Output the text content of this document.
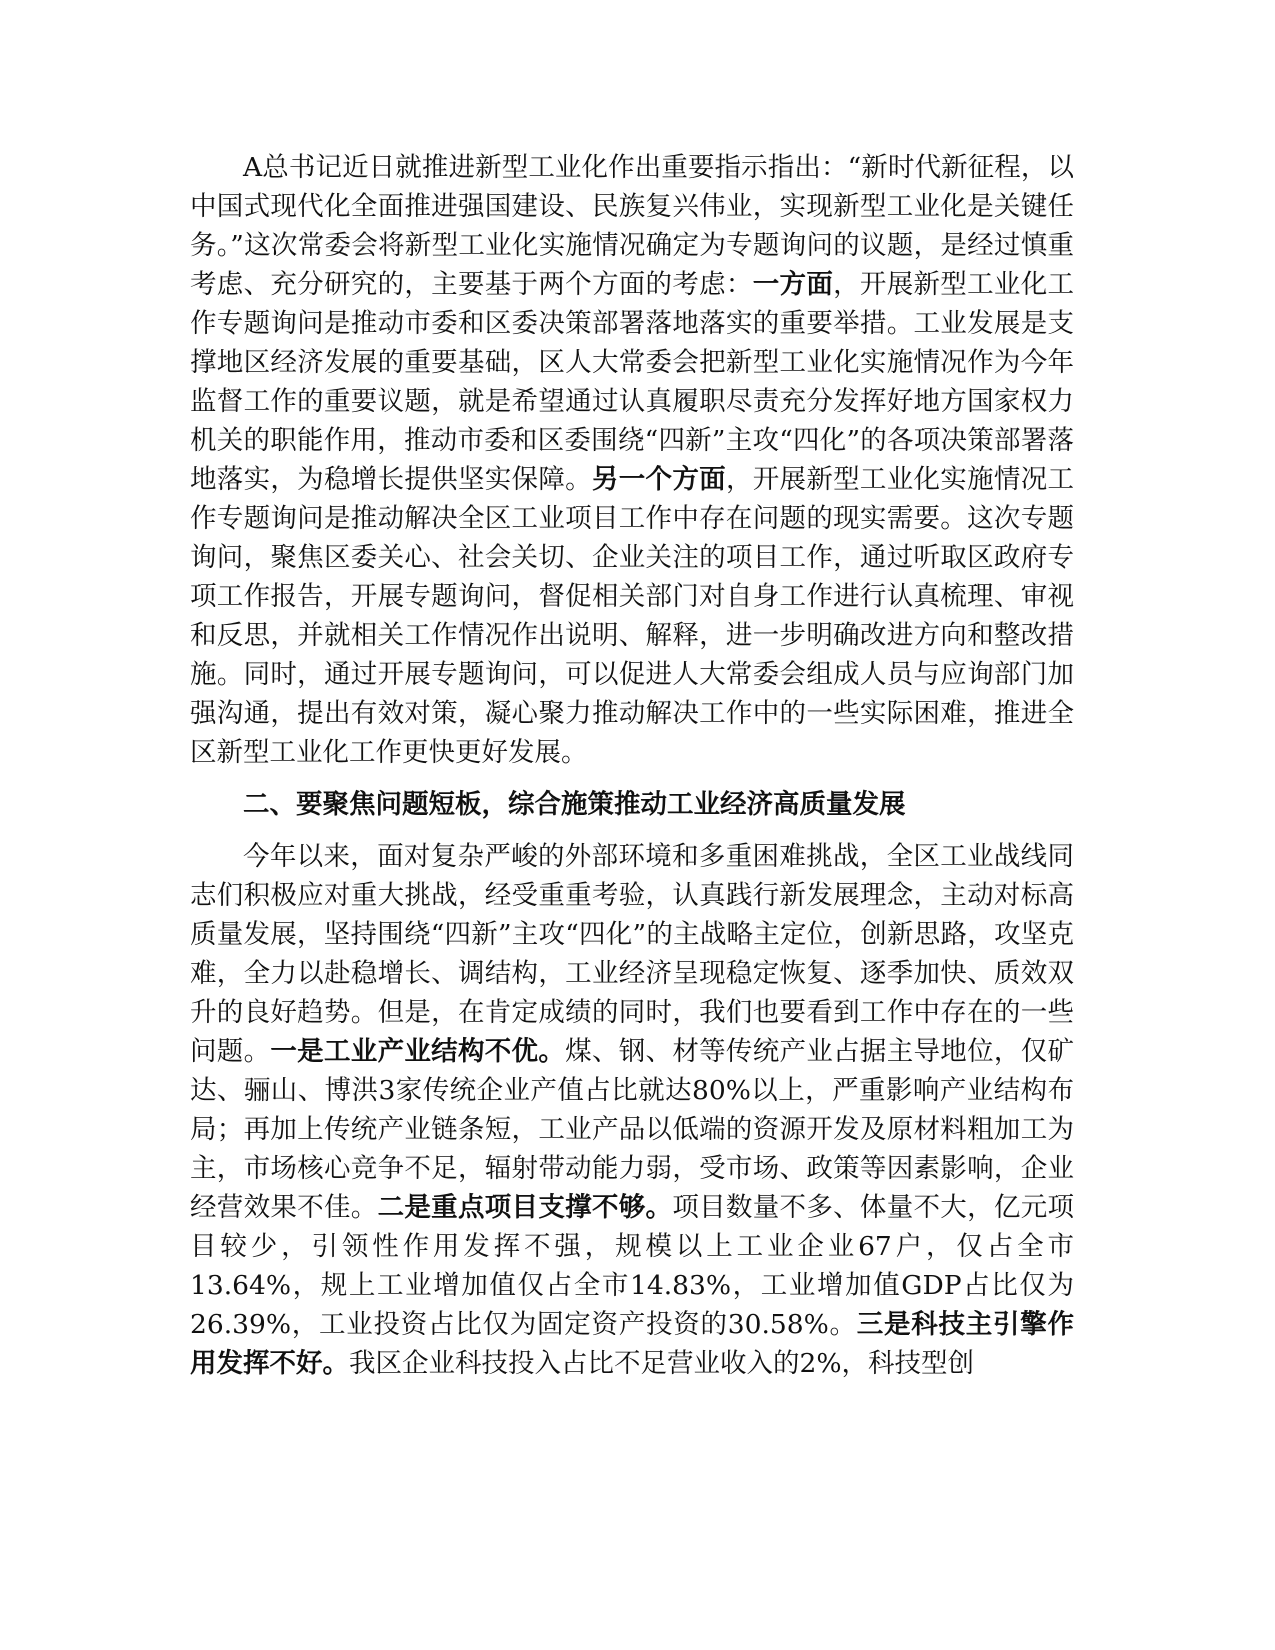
A总书记近日就推进新型工业化作出重要指示指出：“新时代新征程，以中国式现代化全面推进强国建设、民族复兴伟业，实现新型工业化是关键任务。”这次常委会将新型工业化实施情况确定为专题询问的议题，是经过慎重考虑、充分研究的，主要基于两个方面的考虑：一方面，开展新型工业化工作专题询问是推动市委和区委决策部署落地落实的重要举措。工业发展是支撑地区经济发展的重要基础，区人大常委会把新型工业化实施情况作为今年监督工作的重要议题，就是希望通过认真履职尽责充分发挥好地方国家权力机关的职能作用，推动市委和区委围绕“四新”主攻“四化”的各项决策部署落地落实，为稳增长提供坚实保障。另一个方面，开展新型工业化实施情况工作专题询问是推动解决全区工业项目工作中存在问题的现实需要。这次专题询问，聚焦区委关心、社会关切、企业关注的项目工作，通过听取区政府专项工作报告，开展专题询问，督促相关部门对自身工作进行认真梳理、审视和反思，并就相关工作情况作出说明、解释，进一步明确改进方向和整改措施。同时，通过开展专题询问，可以促进人大常委会组成人员与应询部门加强沟通，提出有效对策，凝心聚力推动解决工作中的一些实际困难，推进全区新型工业化工作更快更好发展。

二、要聚焦问题短板，综合施策推动工业经济高质量发展

今年以来，面对复杂严峻的外部环境和多重困难挑战，全区工业战线同志们积极应对重大挑战，经受重重考验，认真践行新发展理念，主动对标高质量发展，坚持围绕“四新”主攻“四化”的主战略主定位，创新思路，攻坚克难，全力以赴稳增长、调结构，工业经济呈现稳定恢复、逐季加快、质效双升的良好趋势。但是，在肯定成绩的同时，我们也要看到工作中存在的一些问题。一是工业产业结构不优。煤、钢、材等传统产业占据主导地位，仅矿达、骊山、博洪3家传统企业产值占比就达80%以上，严重影响产业结构布局；再加上传统产业链条短，工业产品以低端的资源开发及原材料粗加工为主，市场核心竞争不足，辐射带动能力弱，受市场、政策等因素影响，企业经营效果不佳。二是重点项目支撑不够。项目数量不多、体量不大，亿元项目较少，引领性作用发挥不强，规模以上工业企业67户，仅占全市13.64%，规上工业增加值仅占全市14.83%，工业增加值GDP占比仅为26.39%，工业投资占比仅为固定资产投资的30.58%。三是科技主引擎作用发挥不好。我区企业科技投入占比不足营业收入的2%，科技型创
